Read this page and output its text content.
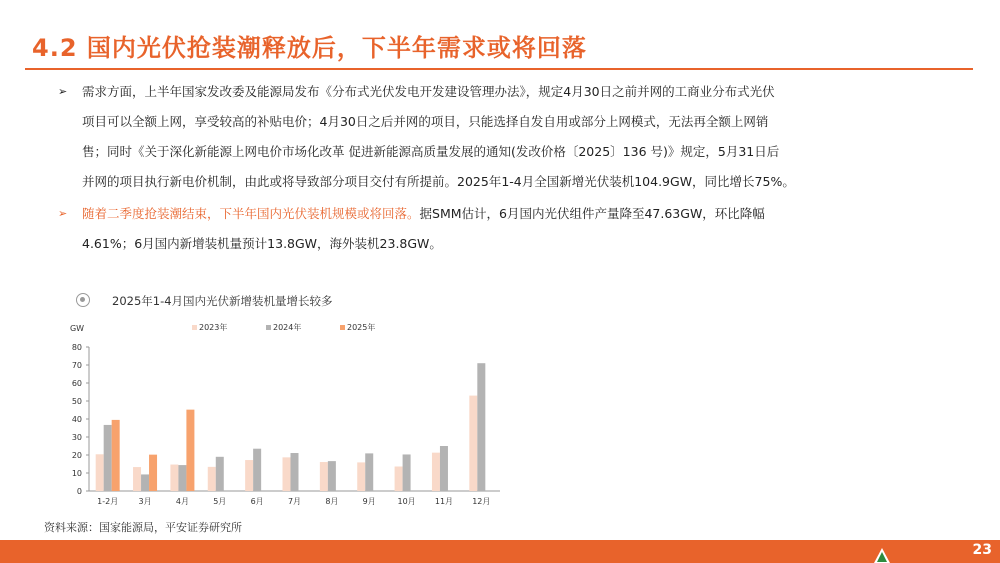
4.2 国内光伏抢装潮释放后，下半年需求或将回落
➢	需求方面，上半年国家发改委及能源局发布《分布式光伏发电开发建设管理办法》，规定4月30日之前并网的工商业分布式光伏
项目可以全额上网，享受较高的补贴电价；4月30日之后并网的项目，只能选择自发自用或部分上网模式，无法再全额上网销
售；同时《关于深化新能源上网电价市场化改革 促进新能源高质量发展的通知(发改价格〔2025〕136 号)》规定，5月31日后
并网的项目执行新电价机制，由此或将导致部分项目交付有所提前。2025年1-4月全国新增光伏装机104.9GW，同比增长75%。
➢	随着二季度抢装潮结束，下半年国内光伏装机规模或将回落。据SMM估计，6月国内光伏组件产量降至47.63GW，环比降幅
4.61%；6月国内新增装机量预计13.8GW，海外装机23.8GW。
2025年1-4月国内光伏新增装机量增长较多
GW	2023年	2024年	2025年
0
10
20
30
40
50
60
70
80
1-2月	3月	4月	5月	6月	7月	8月	9月	10月 11月 12月
资料来源：国家能源局，平安证券研究所
23
